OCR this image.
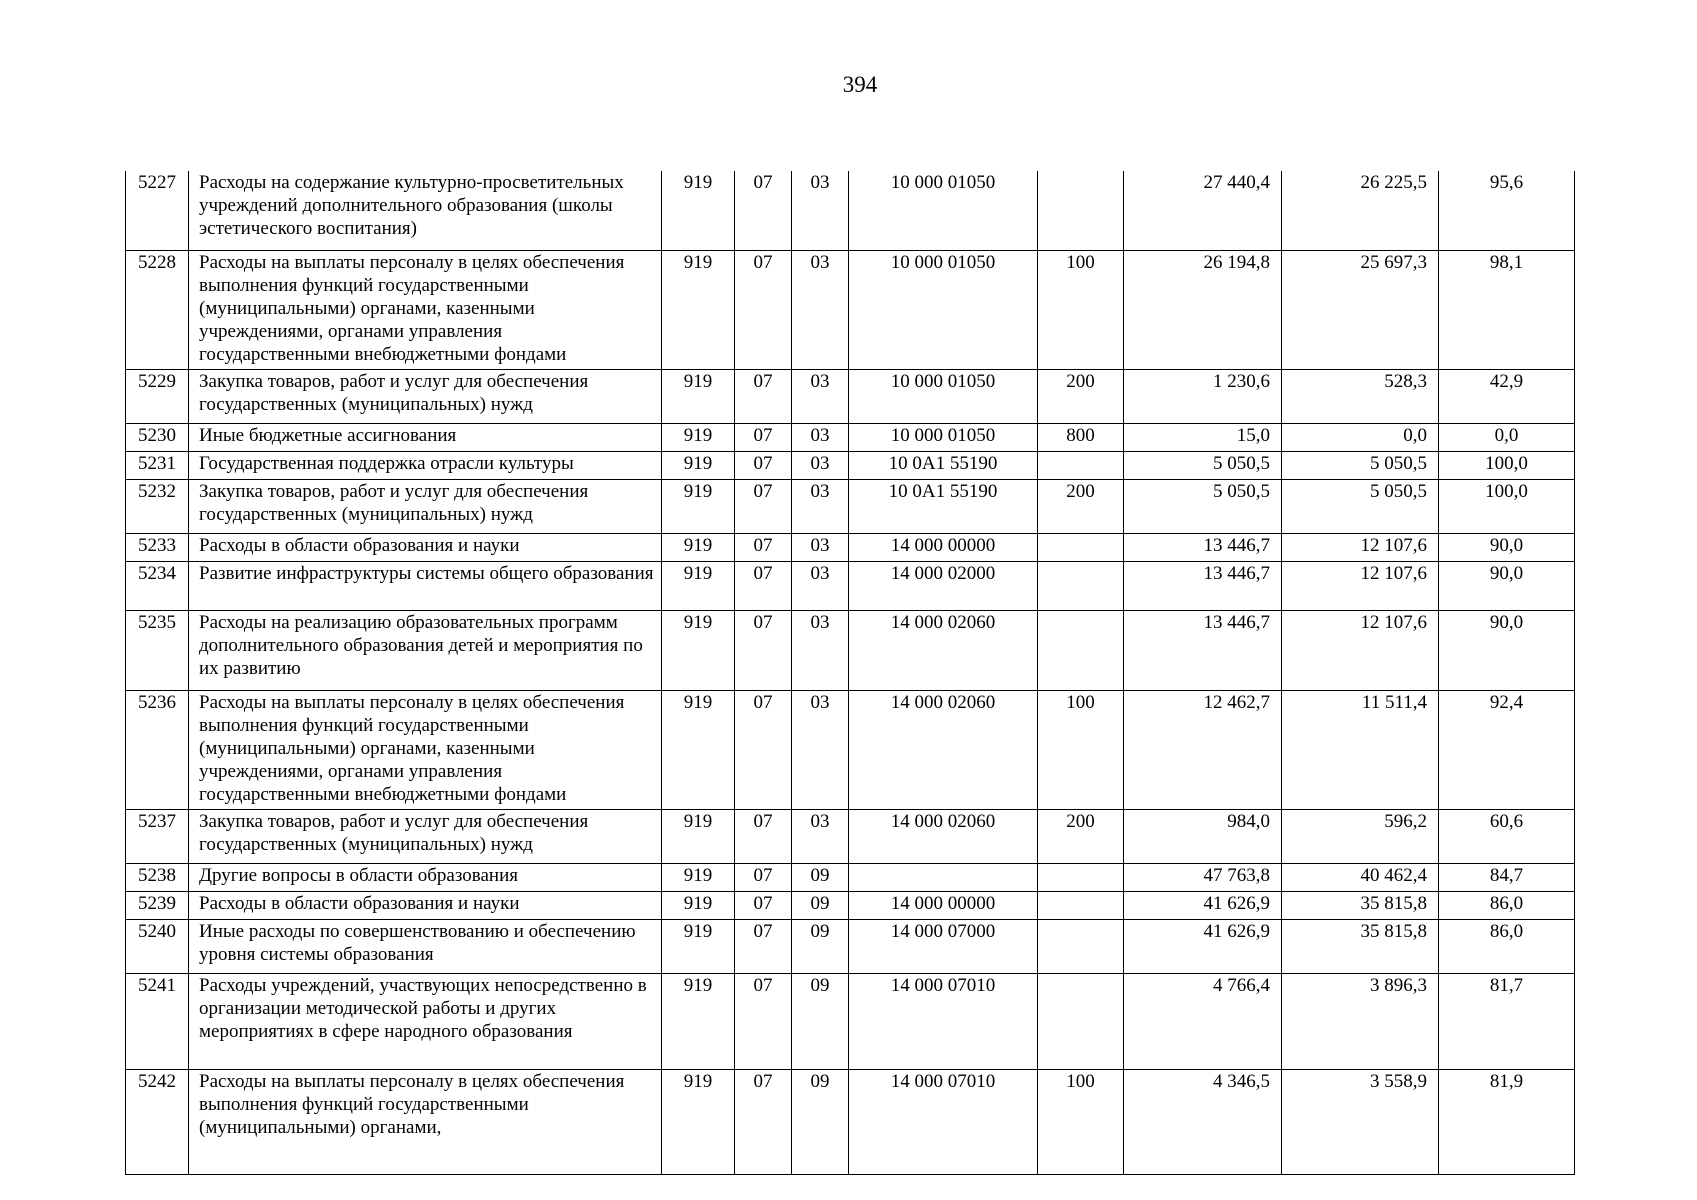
394
5227	Расходы на содержание культурно-просветительных учреждений дополнительного образования (школы эстетического воспитания)	919	07	03	10 000 01050		27 440,4	26 225,5	95,6
5228	Расходы на выплаты персоналу в целях обеспечения выполнения функций государственными (муниципальными) органами, казенными учреждениями, органами управления государственными внебюджетными фондами	919	07	03	10 000 01050	100	26 194,8	25 697,3	98,1
5229	Закупка товаров, работ и услуг для обеспечения государственных (муниципальных) нужд	919	07	03	10 000 01050	200	1 230,6	528,3	42,9
5230	Иные бюджетные ассигнования	919	07	03	10 000 01050	800	15,0	0,0	0,0
5231	Государственная поддержка отрасли культуры	919	07	03	10 0A1 55190		5 050,5	5 050,5	100,0
5232	Закупка товаров, работ и услуг для обеспечения государственных (муниципальных) нужд	919	07	03	10 0A1 55190	200	5 050,5	5 050,5	100,0
5233	Расходы в области образования и науки	919	07	03	14 000 00000		13 446,7	12 107,6	90,0
5234	Развитие инфраструктуры системы общего образования	919	07	03	14 000 02000		13 446,7	12 107,6	90,0
5235	Расходы на реализацию образовательных программ дополнительного образования детей и мероприятия по их развитию	919	07	03	14 000 02060		13 446,7	12 107,6	90,0
5236	Расходы на выплаты персоналу в целях обеспечения выполнения функций государственными (муниципальными) органами, казенными учреждениями, органами управления государственными внебюджетными фондами	919	07	03	14 000 02060	100	12 462,7	11 511,4	92,4
5237	Закупка товаров, работ и услуг для обеспечения государственных (муниципальных) нужд	919	07	03	14 000 02060	200	984,0	596,2	60,6
5238	Другие вопросы в области образования	919	07	09			47 763,8	40 462,4	84,7
5239	Расходы в области образования и науки	919	07	09	14 000 00000		41 626,9	35 815,8	86,0
5240	Иные расходы по совершенствованию и обеспечению уровня системы образования	919	07	09	14 000 07000		41 626,9	35 815,8	86,0
5241	Расходы учреждений, участвующих непосредственно в организации методической работы и других мероприятиях в сфере народного образования	919	07	09	14 000 07010		4 766,4	3 896,3	81,7
5242	Расходы на выплаты персоналу в целях обеспечения выполнения функций государственными (муниципальными) органами,	919	07	09	14 000 07010	100	4 346,5	3 558,9	81,9
